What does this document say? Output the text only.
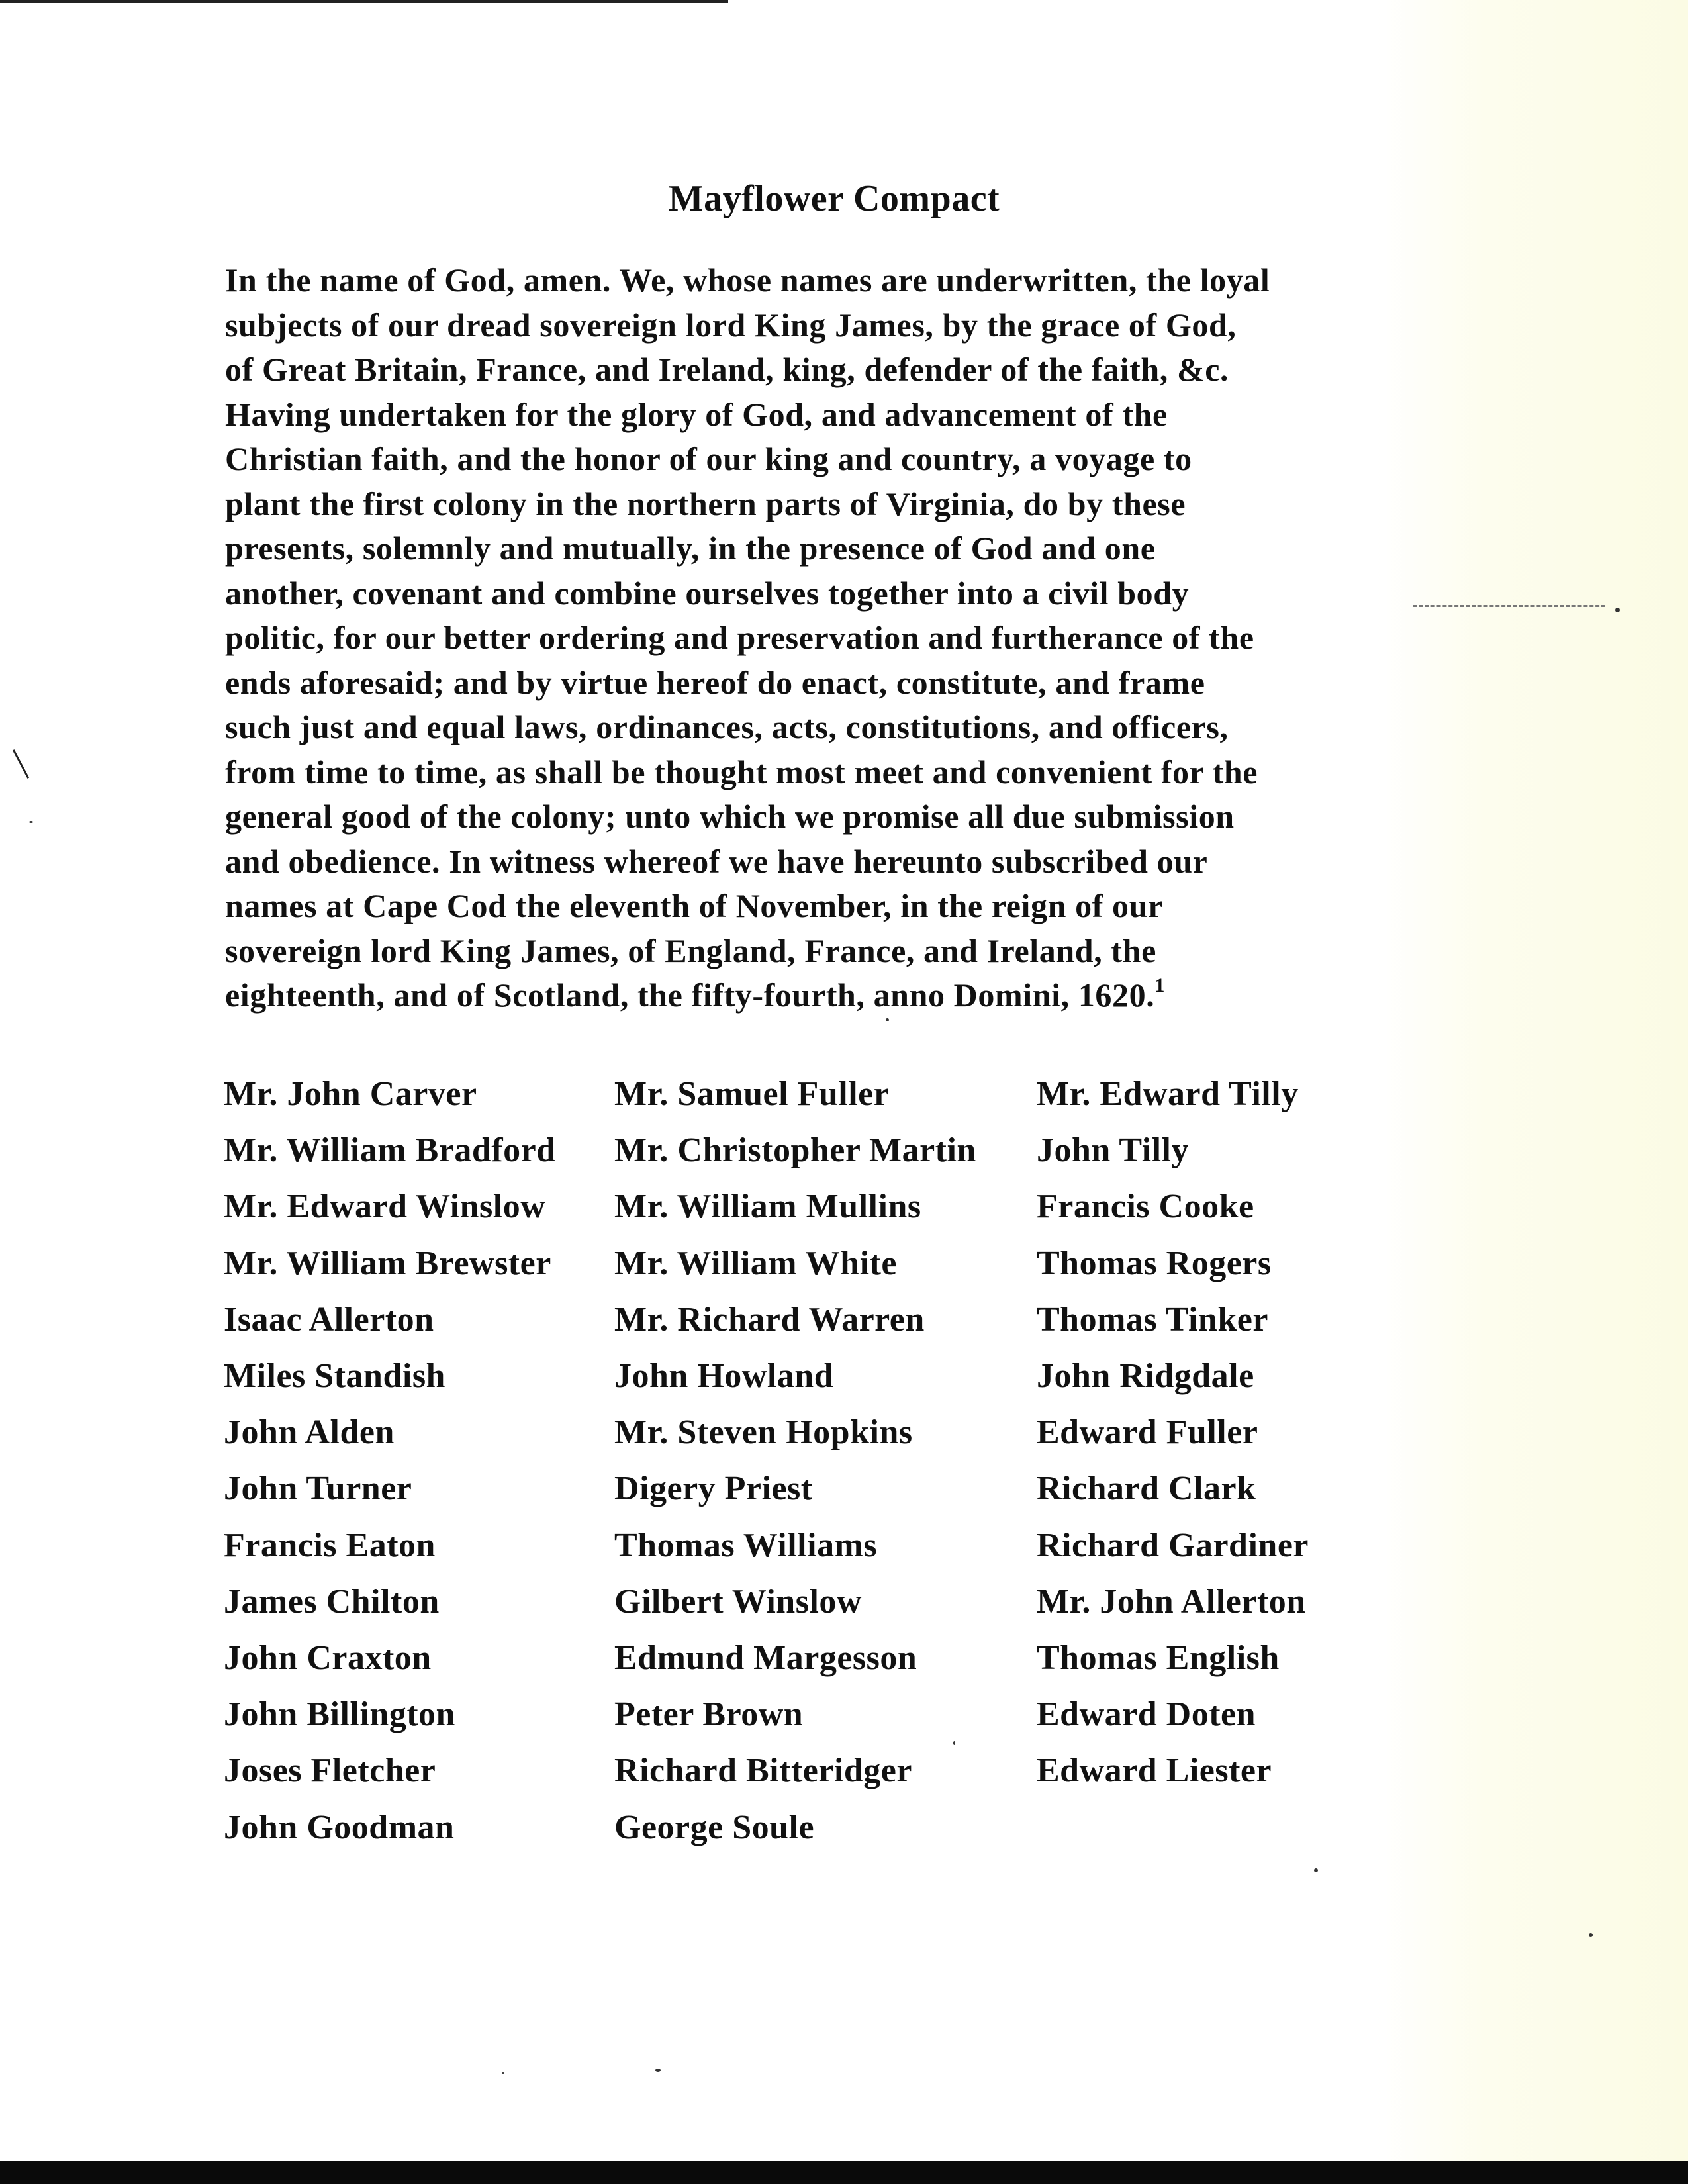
Mayflower Compact
In the name of God, amen. We, whose names are underwritten, the loyal
subjects of our dread sovereign lord King James, by the grace of God,
of Great Britain, France, and Ireland, king, defender of the faith, &c.
Having undertaken for the glory of God, and advancement of the
Christian faith, and the honor of our king and country, a voyage to
plant the first colony in the northern parts of Virginia, do by these
presents, solemnly and mutually, in the presence of God and one
another, covenant and combine ourselves together into a civil body
politic, for our better ordering and preservation and furtherance of the
ends aforesaid; and by virtue hereof do enact, constitute, and frame
such just and equal laws, ordinances, acts, constitutions, and officers,
from time to time, as shall be thought most meet and convenient for the
general good of the colony; unto which we promise all due submission
and obedience. In witness whereof we have hereunto subscribed our
names at Cape Cod the eleventh of November, in the reign of our
sovereign lord King James, of England, France, and Ireland, the
eighteenth, and of Scotland, the fifty-fourth, anno Domini, 1620.$^1$
Mr. John Carver
Mr. William Bradford
Mr. Edward Winslow
Mr. William Brewster
Isaac Allerton
Miles Standish
John Alden
John Turner
Francis Eaton
James Chilton
John Craxton
John Billington
Joses Fletcher
John Goodman
Mr. Samuel Fuller
Mr. Christopher Martin
Mr. William Mullins
Mr. William White
Mr. Richard Warren
John Howland
Mr. Steven Hopkins
Digery Priest
Thomas Williams
Gilbert Winslow
Edmund Margesson
Peter Brown
Richard Bitteridger
George Soule
Mr. Edward Tilly
John Tilly
Francis Cooke
Thomas Rogers
Thomas Tinker
John Ridgdale
Edward Fuller
Richard Clark
Richard Gardiner
Mr. John Allerton
Thomas English
Edward Doten
Edward Liester
